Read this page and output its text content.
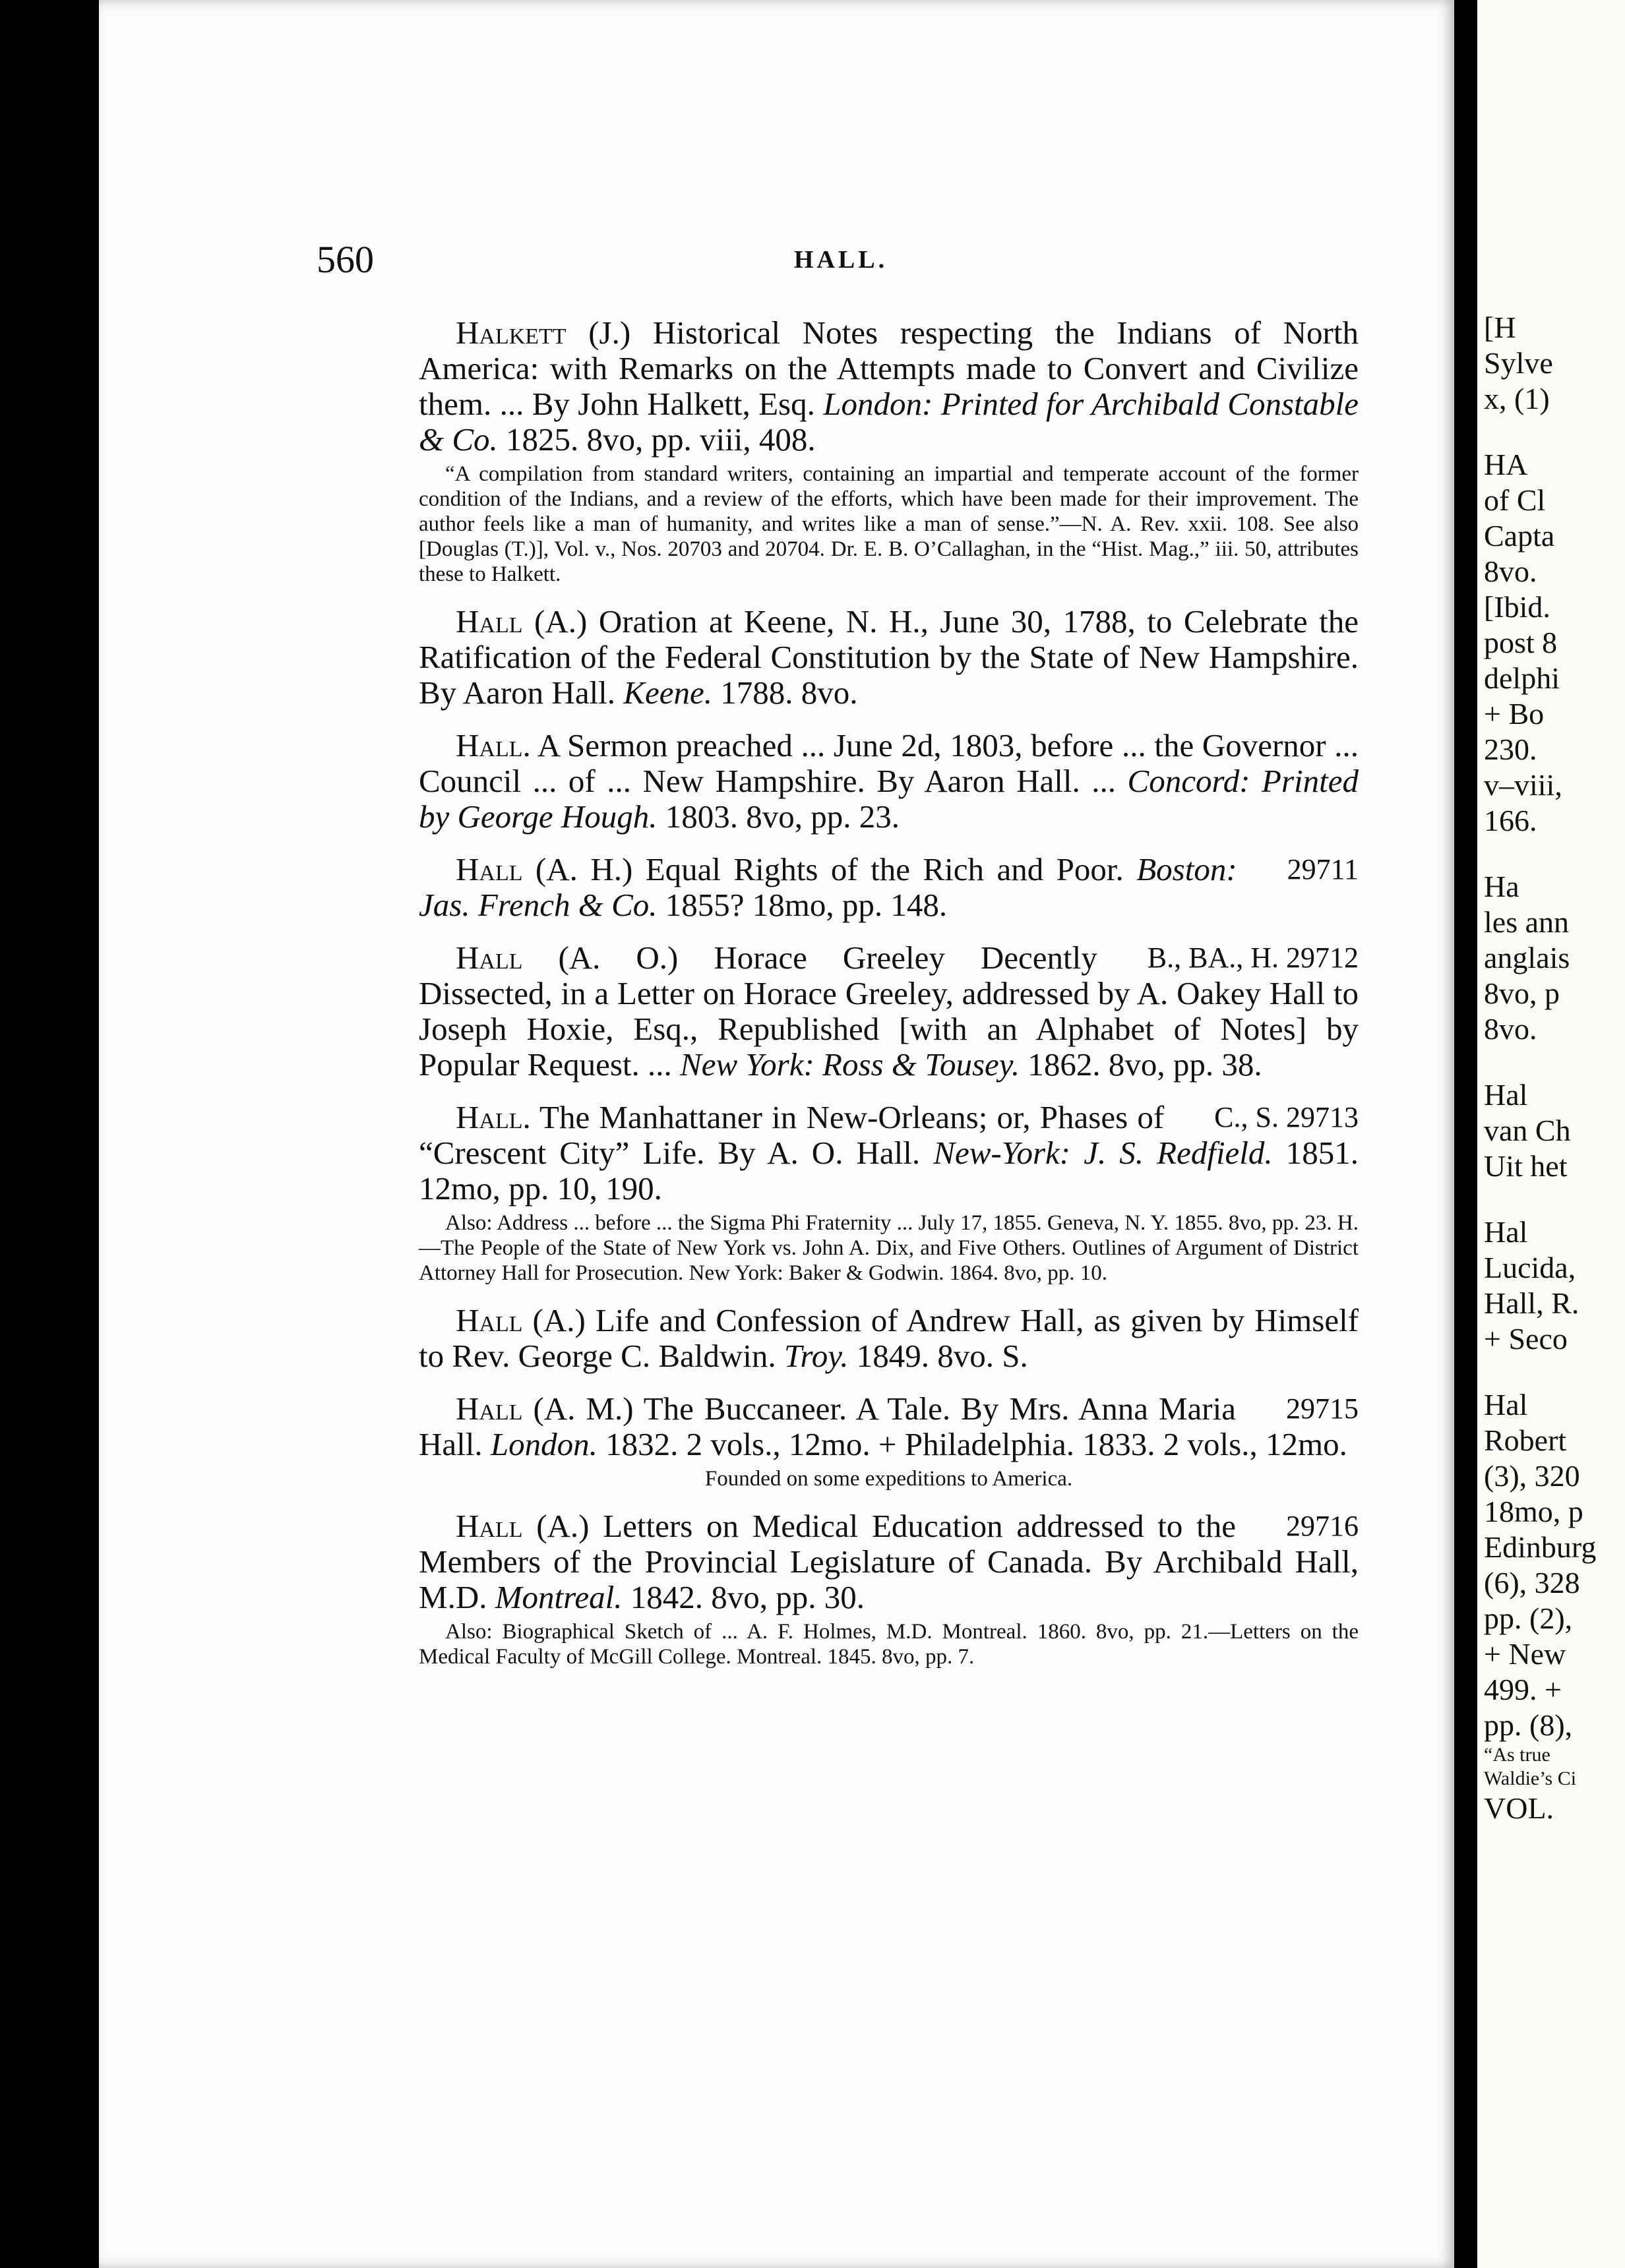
560	HALL.
Halkett (J.) Historical Notes respecting the Indians of North America: with Remarks on the Attempts made to Convert and Civilize them. ... By John Halkett, Esq. London: Printed for Archibald Constable & Co. 1825. 8vo, pp. viii, 408.
“A compilation from standard writers, containing an impartial and temperate account of the former condition of the Indians, and a review of the efforts, which have been made for their improvement. The author feels like a man of humanity, and writes like a man of sense.”—N. A. Rev. xxii. 108. See also [Douglas (T.)], Vol. v., Nos. 20703 and 20704. Dr. E. B. O’Callaghan, in the “Hist. Mag.,” iii. 50, attributes these to Halkett.
Hall (A.) Oration at Keene, N. H., June 30, 1788, to Celebrate the Ratification of the Federal Constitution by the State of New Hampshire. By Aaron Hall. Keene. 1788. 8vo.
Hall. A Sermon preached ... June 2d, 1803, before ... the Governor ... Council ... of ... New Hampshire. By Aaron Hall. ... Concord: Printed by George Hough. 1803. 8vo, pp. 23.
29711
Hall (A. H.) Equal Rights of the Rich and Poor. Boston: Jas. French & Co. 1855? 18mo, pp. 148.
B., BA., H. 29712
Hall (A. O.) Horace Greeley Decently Dissected, in a Letter on Horace Greeley, addressed by A. Oakey Hall to Joseph Hoxie, Esq., Republished [with an Alphabet of Notes] by Popular Request. ... New York: Ross & Tousey. 1862. 8vo, pp. 38.
C., S. 29713
Hall. The Manhattaner in New-Orleans; or, Phases of “Crescent City” Life. By A. O. Hall. New-York: J. S. Redfield. 1851. 12mo, pp. 10, 190.
Also: Address ... before ... the Sigma Phi Fraternity ... July 17, 1855. Geneva, N. Y. 1855. 8vo, pp. 23. H.—The People of the State of New York vs. John A. Dix, and Five Others. Outlines of Argument of District Attorney Hall for Prosecution. New York: Baker & Godwin. 1864. 8vo, pp. 10.
Hall (A.) Life and Confession of Andrew Hall, as given by Himself to Rev. George C. Baldwin. Troy. 1849. 8vo. S.
29715
Hall (A. M.) The Buccaneer. A Tale. By Mrs. Anna Maria Hall. London. 1832. 2 vols., 12mo. + Philadelphia. 1833. 2 vols., 12mo.
Founded on some expeditions to America.
29716
Hall (A.) Letters on Medical Education addressed to the Members of the Provincial Legislature of Canada. By Archibald Hall, M.D. Montreal. 1842. 8vo, pp. 30.
Also: Biographical Sketch of ... A. F. Holmes, M.D. Montreal. 1860. 8vo, pp. 21.—Letters on the Medical Faculty of McGill College. Montreal. 1845. 8vo, pp. 7.
[H
Sylve
x, (1)
HA
of Cl
Capta
8vo.
[Ibid.
post 8
delphi
+ Bo
230.
v–viii,
166.
Ha
les ann
anglais
8vo, p
8vo.
Hal
van Ch
Uit het
Hal
Lucida,
Hall, R.
+ Seco
Hal
Robert
(3), 320
18mo, p
Edinburg
(6), 328
pp. (2),
+ New
499. +
pp. (8),
“As true
Waldie’s Ci
VOL.
